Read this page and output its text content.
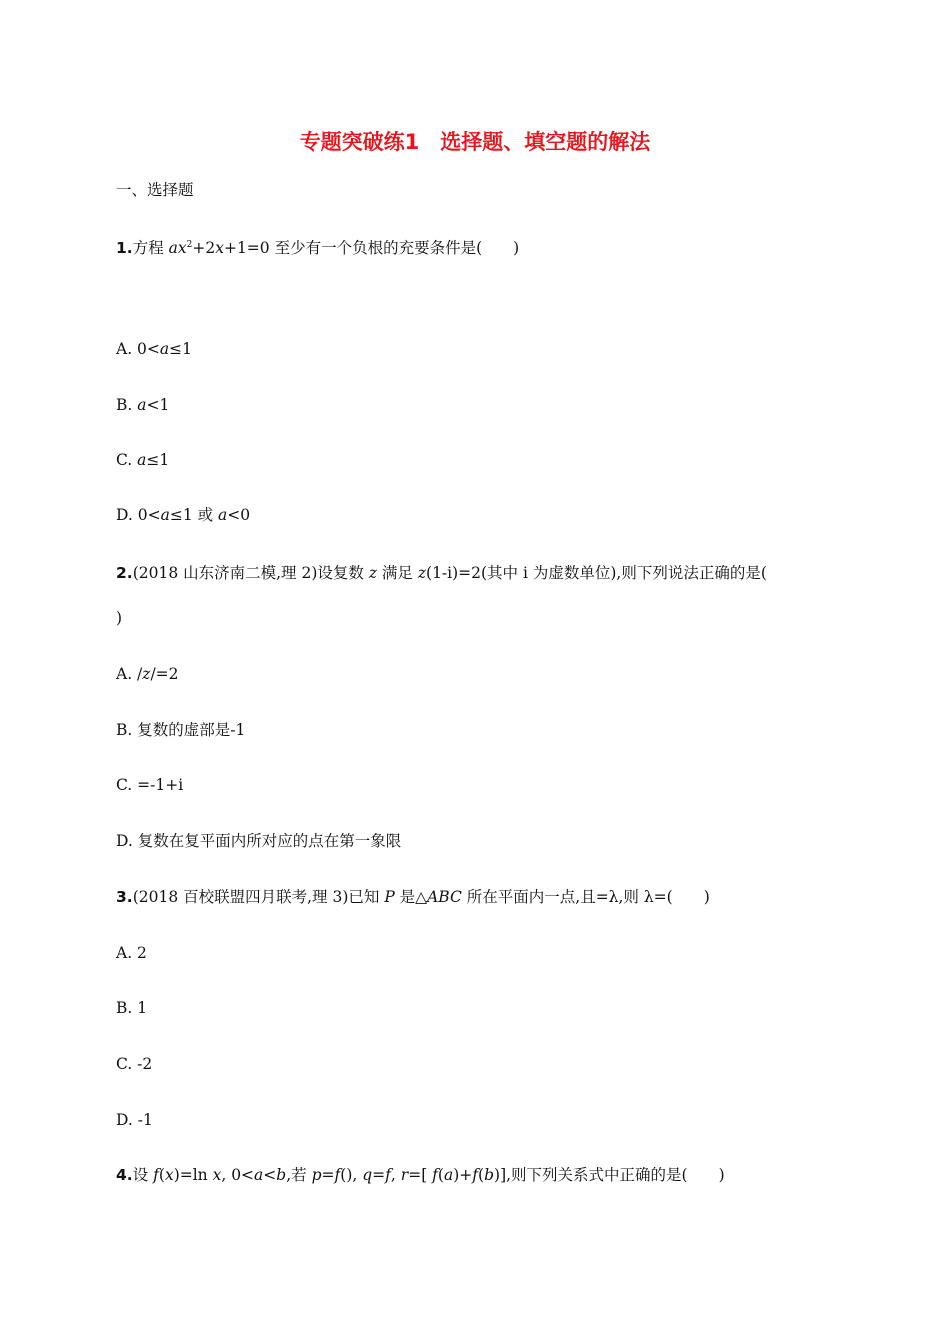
专题突破练1　选择题、填空题的解法
一、选择题
1.方程 $ax^2+2x+1=0$ 至少有一个负根的充要条件是(　　)
A. 0<a≤1
B. a<1
C. a≤1
D. 0<a≤1 或 a<0
2.(2018 山东济南二模,理 2)设复数 z 满足 z(1-i)=2(其中 i 为虚数单位),则下列说法正确的是(
)
A. /z/=2
B. 复数的虚部是-1
C. =-1+i
D. 复数在复平面内所对应的点在第一象限
3.(2018 百校联盟四月联考,理 3)已知 P 是△ABC 所在平面内一点,且=λ,则 λ=(　　)
A. 2
B. 1
C. -2
D. -1
4.设 f(x)=ln x, 0<a<b,若 p=f(), q=f, r=[ f(a)+f(b)],则下列关系式中正确的是(　　)
